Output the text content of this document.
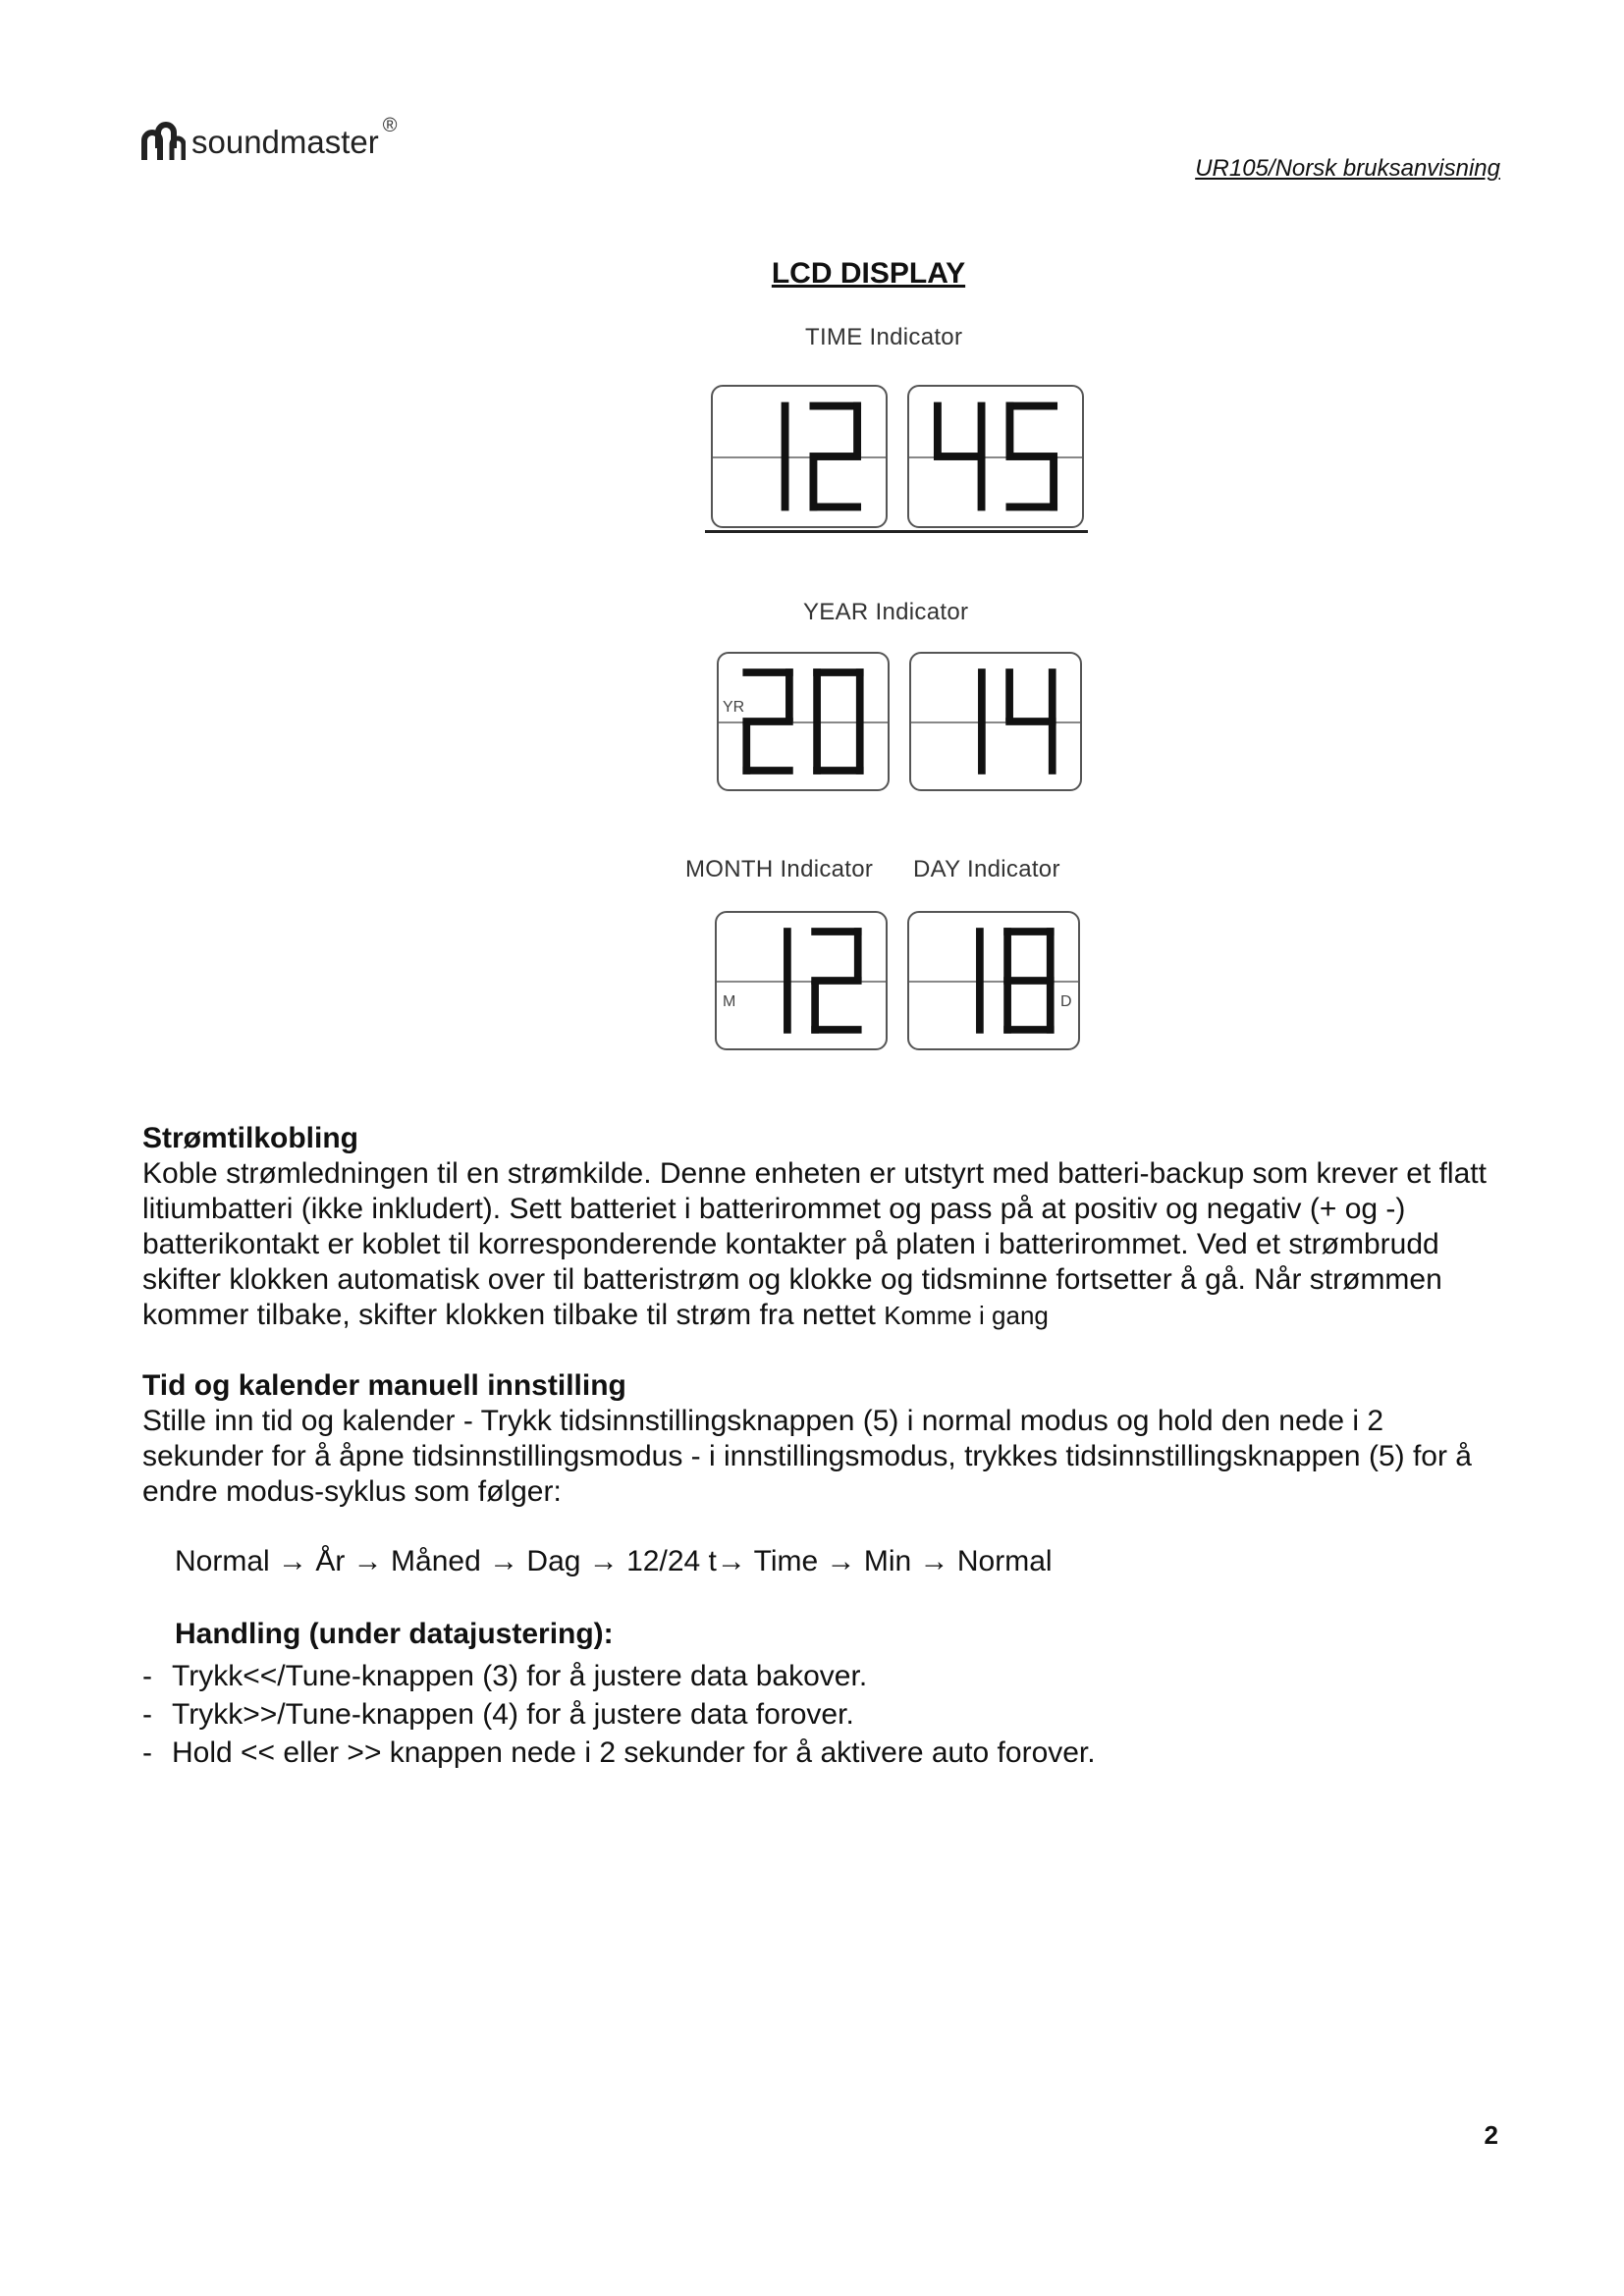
soundmaster ®
UR105/Norsk bruksanvisning
LCD DISPLAY
TIME Indicator
YEAR Indicator
YR
MONTH Indicator DAY Indicator
M	D
Strømtilkobling

Koble strømledningen til en strømkilde. Denne enheten er utstyrt med batteri-backup som krever et flatt litiumbatteri (ikke inkludert). Sett batteriet i batterirommet og pass på at positiv og negativ (+ og -) batterikontakt er koblet til korresponderende kontakter på platen i batterirommet. Ved et strømbrudd skifter klokken automatisk over til batteristrøm og klokke og tidsminne fortsetter å gå. Når strømmen kommer tilbake, skifter klokken tilbake til strøm fra nettet Komme i gang

Tid og kalender manuell innstilling

Stille inn tid og kalender - Trykk tidsinnstillingsknappen (5) i normal modus og hold den nede i 2 sekunder for å åpne tidsinnstillingsmodus - i innstillingsmodus, trykkes tidsinnstillingsknappen (5) for å endre modus-syklus som følger:

Normal → År → Måned → Dag → 12/24 t→ Time → Min → Normal
Handling (under datajustering):
- Trykk<</Tune-knappen (3) for å justere data bakover.
- Trykk>>/Tune-knappen (4) for å justere data forover.
- Hold << eller >> knappen nede i 2 sekunder for å aktivere auto forover.
2
